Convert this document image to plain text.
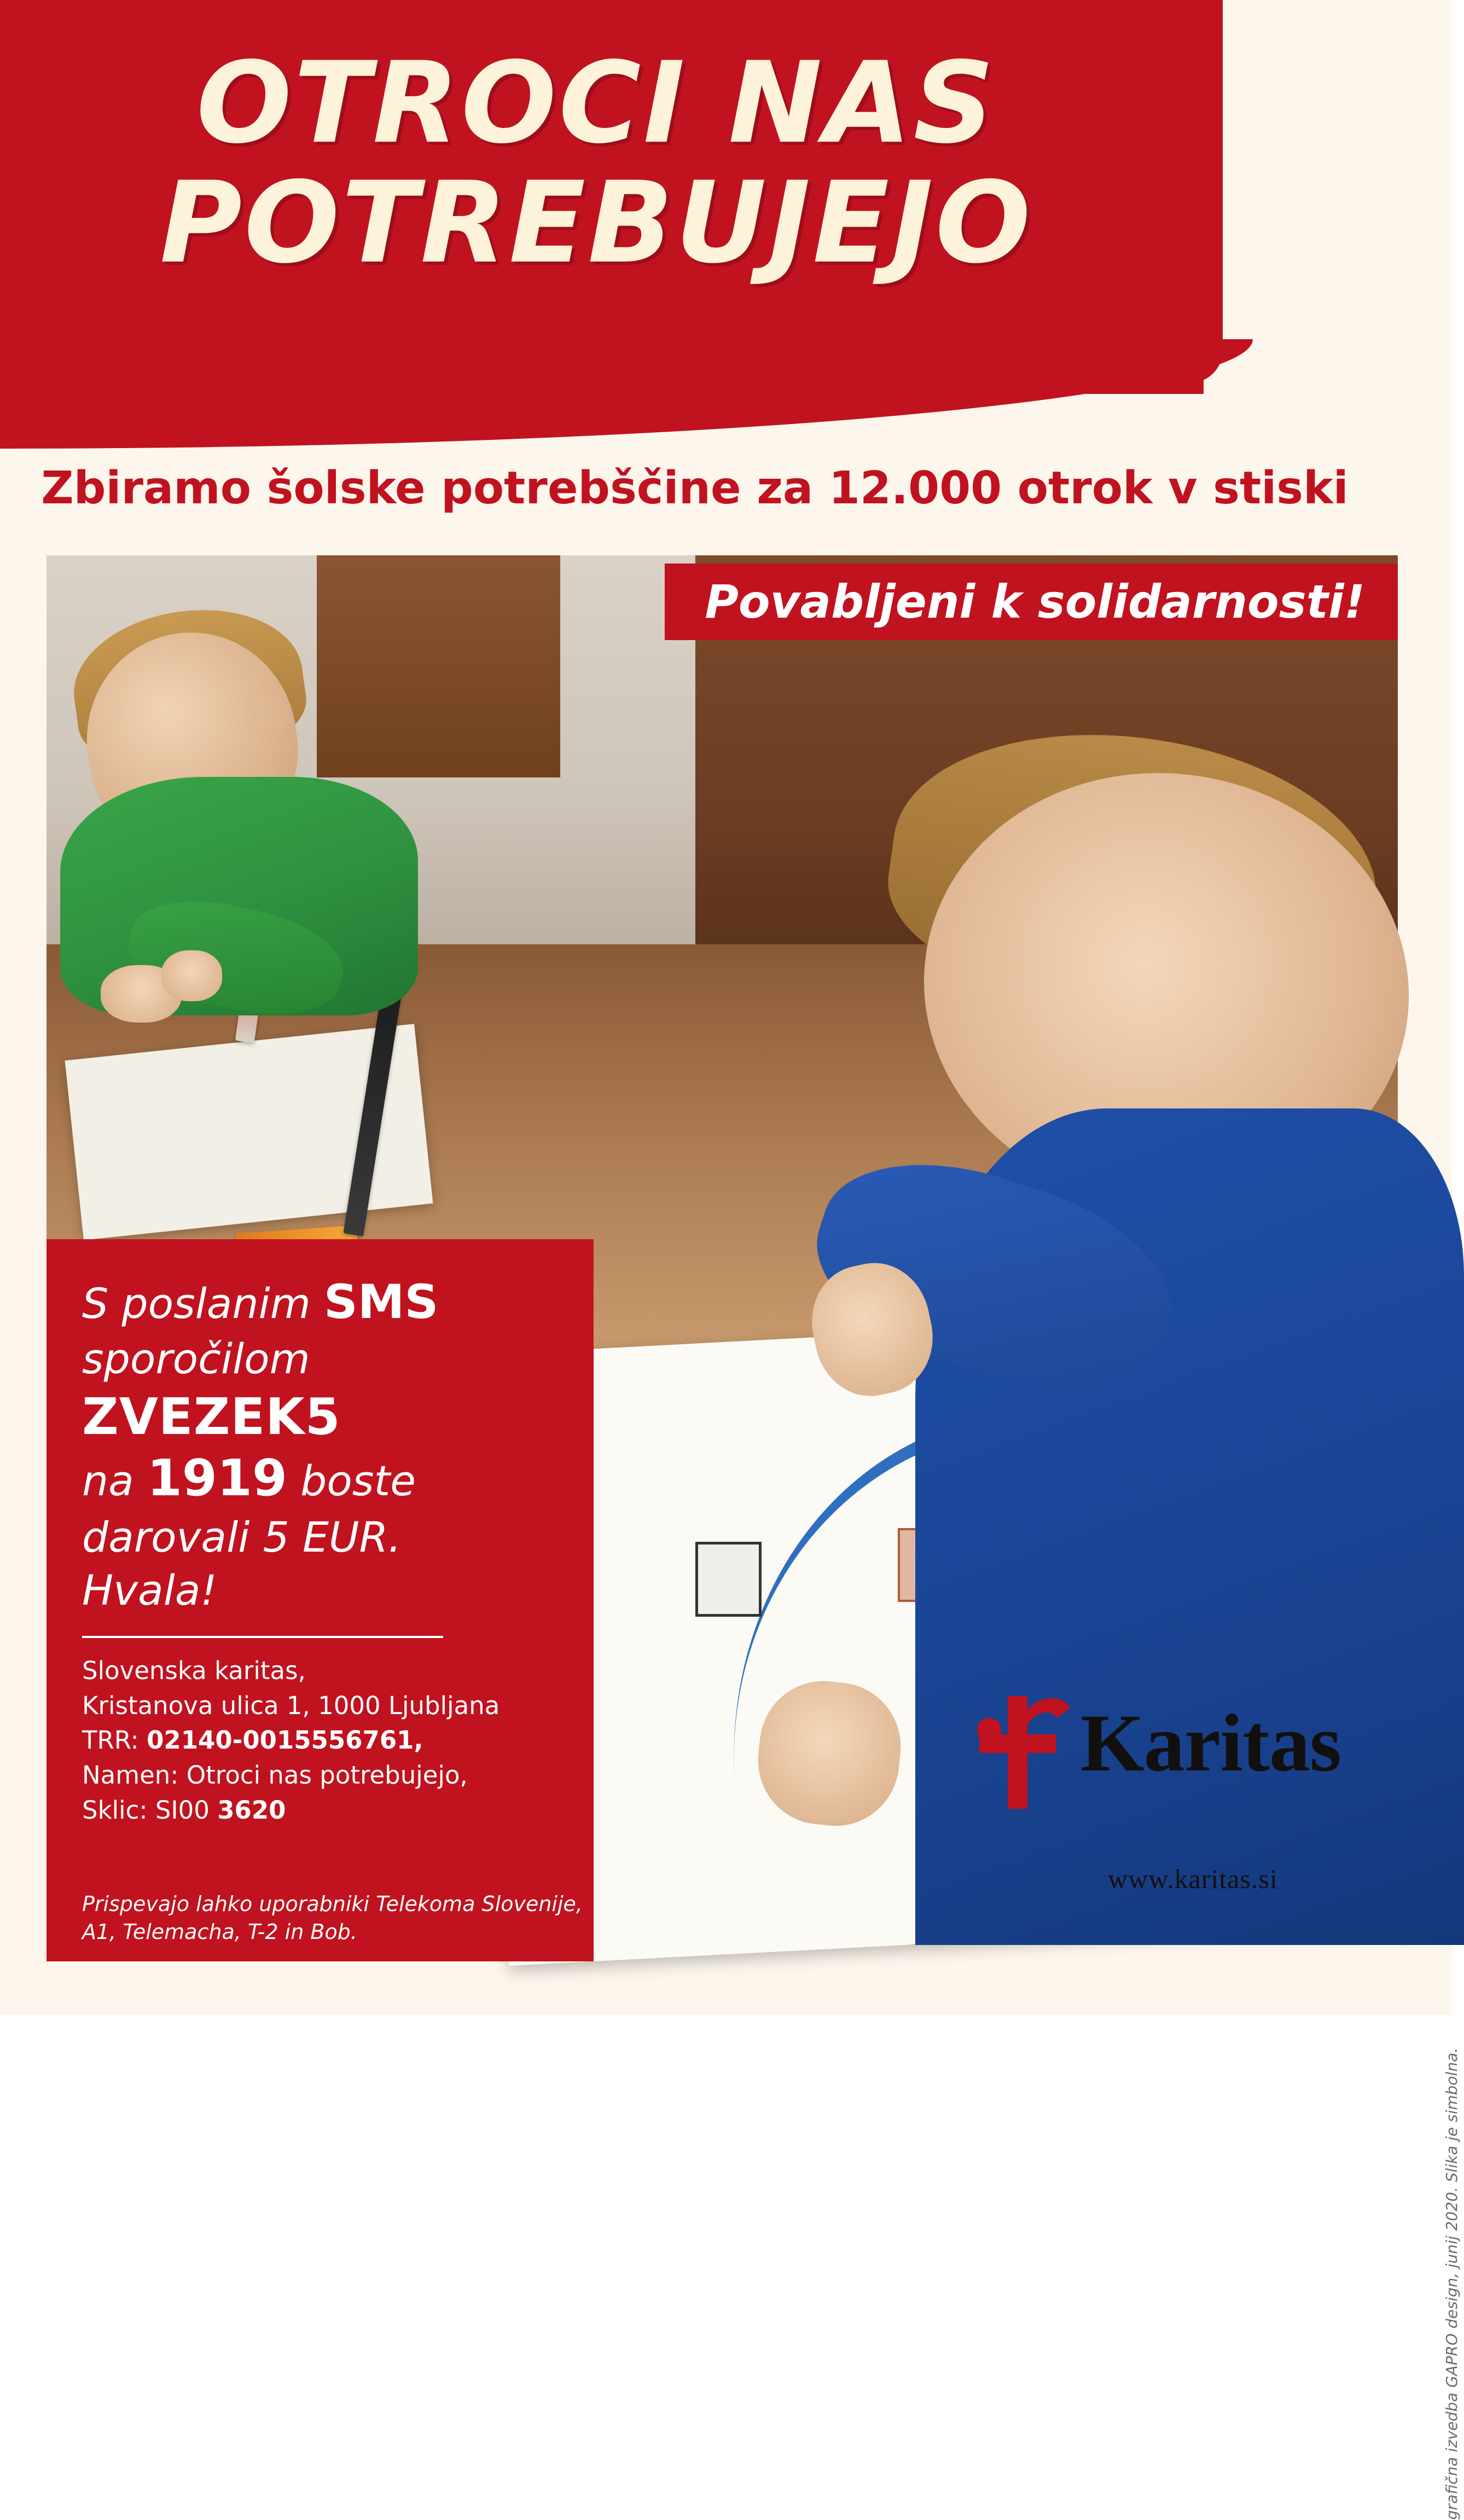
OTROCI NAS
POTREBUJEJO
Zbiramo šolske potrebščine za 12.000 otrok v stiski
Povabljeni k solidarnosti!
S poslanim SMS
sporočilom
ZVEZEK5
na 1919 boste
darovali 5 EUR.
Hvala!
Slovenska karitas,
Kristanova ulica 1, 1000 Ljubljana
TRR: 02140-0015556761,
Namen: Otroci nas potrebujejo,
Sklic: SI00 3620
Prispevajo lahko uporabniki Telekoma Slovenije,
A1, Telemacha, T-2 in Bob.
Karitas
www.karitas.si
grafična izvedba GAPRO design, junij 2020. Slika je simbolna.
